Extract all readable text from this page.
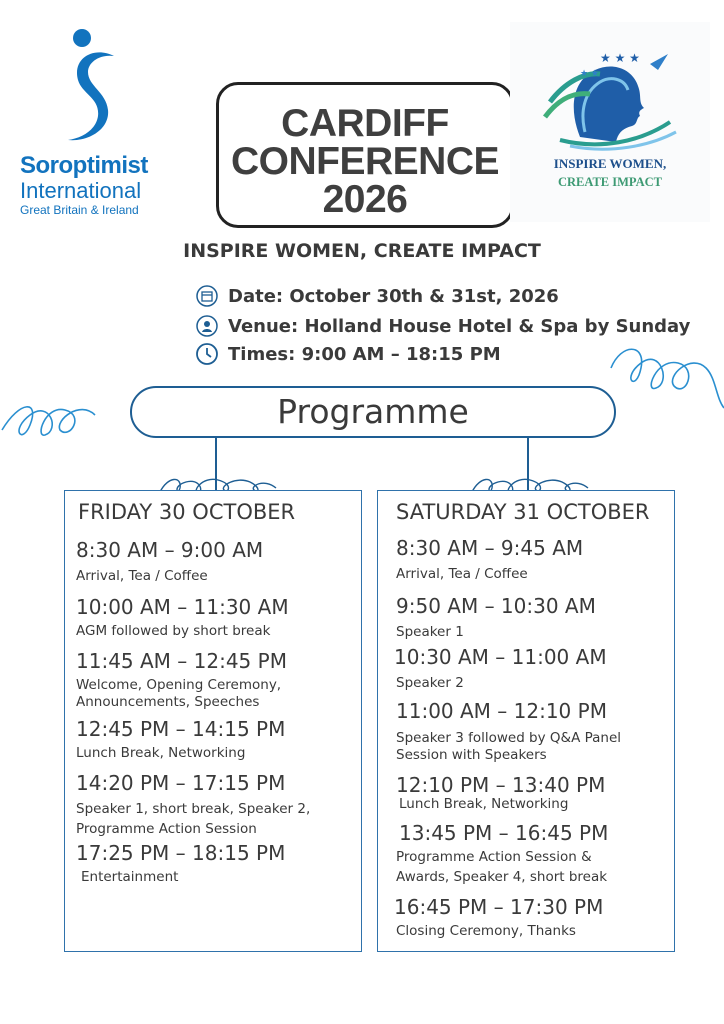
Soroptimist
International
Great Britain & Ireland
CARDIFF
CONFERENCE
2026
★ ★ ★
★ ★
INSPIRE WOMEN,
CREATE IMPACT
INSPIRE WOMEN, CREATE IMPACT
Date: October 30th & 31st, 2026
Venue: Holland House Hotel & Spa by Sunday
Times: 9:00 AM – 18:15 PM
Programme
FRIDAY 30 OCTOBER
8:30 AM – 9:00 AM
Arrival, Tea / Coffee
10:00 AM – 11:30 AM
AGM followed by short break
11:45 AM – 12:45 PM
Welcome, Opening Ceremony, Announcements, Speeches
12:45 PM – 14:15 PM
Lunch Break, Networking
14:20 PM – 17:15 PM
Speaker 1, short break, Speaker 2, Programme Action Session
17:25 PM – 18:15 PM
Entertainment
SATURDAY 31 OCTOBER
8:30 AM – 9:45 AM
Arrival, Tea / Coffee
9:50 AM – 10:30 AM
Speaker 1
10:30 AM – 11:00 AM
Speaker 2
11:00 AM – 12:10 PM
Speaker 3 followed by Q&A Panel Session with Speakers
12:10 PM – 13:40 PM
Lunch Break, Networking
13:45 PM – 16:45 PM
Programme Action Session & Awards, Speaker 4, short break
16:45 PM – 17:30 PM
Closing Ceremony, Thanks
